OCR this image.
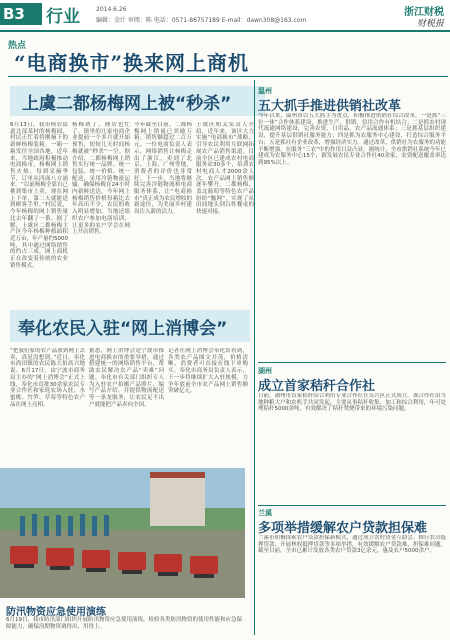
B3	行业	2014.6.26
编辑：金汁 审阅：陈 电话：0571-86757189 E-mail：dawn308@163.com
浙江财税
财税报
热点
“电商换市”换来网上商机
上虞二都杨梅网上被“秒杀”
6月13日，我市柯岩街道北部某村的杨梅园，村民正忙着将刚摘下的新鲜杨梅装箱，一箱一箱发往全国各地。近年来，当地政府积极推动电商换市，杨梅网上销售火热，每到采摘季节，订单从四面八方涌来。“以前杨梅全靠自己挑到集市上卖，现在网上下单，第二天就能送到顾客手里。”村民说，今年杨梅的网上销售量比去年翻了一番。据了解，上虞区二都杨梅主产区今年杨梅种植面积近万亩，年产量约5000吨，其中通过网络销售的约占三成，网上商机正在改变着传统的农业销售模式。
杨梅熟了，网店也忙了。镇里的几家电商企业提前一个多月就开始预售，短短几天时间杨梅就被“秒杀”一空。据介绍，二都杨梅网上销售实行统一品牌、统一包装、统一价格、统一配送，采用冷链物流运输，确保杨梅在24小时内新鲜送达。今年网上杨梅销售价格每箱比去年高出不少，农民的收入明显增加。当地还组织农户参加电商培训，让更多的农户学会在网上开店销售。
今年截至目前，二都杨梅网上销量已突破万箱，销售额超过二百万元。一位电商负责人表示，网络销售让杨梅走出了浙江，卖到了北京、上海、广州等地，消费者的评价也非常好。下一步，当地将继续完善冷链物流和电商服务体系，让“电商换市”真正成为农民增收的新途径，为美丽乡村建设注入新的活力。
上虞区相关负责人介绍，近年来，该区大力实施“电商换市”战略，引导农民利用互联网拓展农产品销售渠道。目前全区已建成农村电商服务站30多个，培训农村电商人才2000余人次，农产品网上销售额逐年攀升。二都杨梅、盖北葡萄等特色农产品纷纷“触网”，实现了从田间地头到百姓餐桌的快速对接。
奉化农民入驻“网上消博会”
“把我们家的农产品放到网上去卖，真是没想到。”近日，奉化市尚田镇的农民陈大伯高兴地说。6月17日，由宁波市商务局主办的“网上消博会”正式上线，奉化市首批30余家农民专业合作社和家庭农场入驻，水蜜桃、竹笋、草莓等特色农产品在网上亮相。
据悉，网上消博会是宁波市推进电商换市的重要举措，通过搭建统一的网络销售平台，帮助农民解决农产品“卖难”问题。奉化市有关部门组织专人为入驻农户拍摄产品照片、编写产品介绍，并提供物流配送等一条龙服务，让农民足不出户就能把产品卖向全国。
记者在网上消博会奉化馆看到，各类农产品图文并茂，价格清晰，消费者可直接在线下单购买。奉化市商务局负责人表示，下一步将继续扩大入驻规模，力争年底前全市农产品网上销售额突破亿元。
防汛物资应急使用演练
6月19日，我市防汛部门组织开展防汛物资应急使用演练，检验各类防汛物资的使用性能和应急保障能力，确保汛期物资调得出、用得上。
温州
五大抓手推进供销社改革
今年以来，温州市以五大抓手为重点，积极推进供销社综合改革。一是抓“三位一体”合作体系建设，推进生产、供销、信用合作有机结合；二是抓农村现代流通网络建设，完善农资、日用品、农产品流通体系；三是抓基层组织建设，提升基层供销社服务能力；四是抓为农服务中心建设，打造综合服务平台；五是抓社有企业改革，增强经济实力。通过改革，供销社为农服务的功能不断增强，在服务“三农”中的作用日益凸显。据统计，全市供销社系统今年已建成为农服务中心15个，新发展农民专业合作社40余家，农资配送覆盖率达到95%以上。
湖州
成立首家秸秆合作社
日前，湖州市首家秸秆综合利用专业合作社在吴兴区正式成立。该合作社由当地种粮大户和农机手共同发起，主要从事秸秆收集、加工和综合利用，年可处理秸秆5000余吨，有效解决了秸秆焚烧带来的环境污染问题。
兰溪
多项举措缓解农户贷款担保难
兰溪市积极探索农户贷款担保新模式，通过成立农村资金互助会、推行农房抵押贷款、开展林权抵押贷款等多项举措，有效缓解农户贷款难、担保难问题。截至目前，全市已累计发放各类农户贷款3亿余元，惠及农户5000余户。
